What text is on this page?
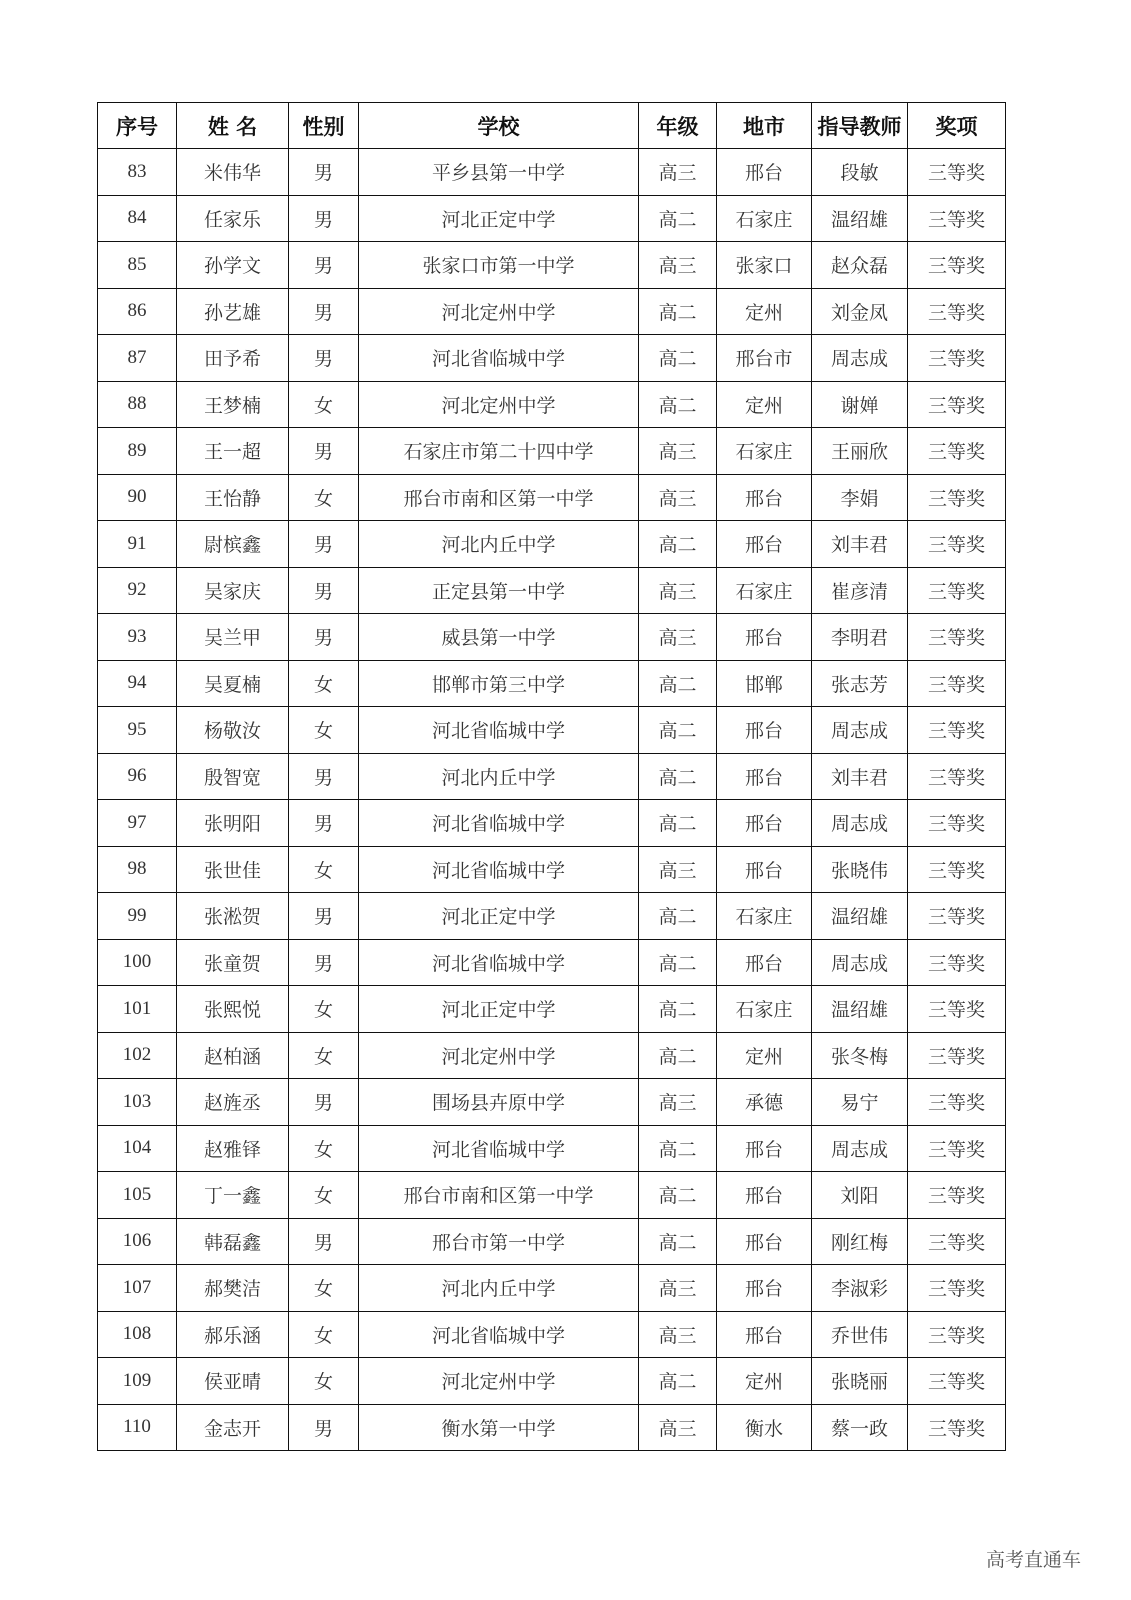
序号	姓 名	性别	学校	年级	地市	指导教师	奖项
83	米伟华	男	平乡县第一中学	高三	邢台	段敏	三等奖
84	任家乐	男	河北正定中学	高二	石家庄	温绍雄	三等奖
85	孙学文	男	张家口市第一中学	高三	张家口	赵众磊	三等奖
86	孙艺雄	男	河北定州中学	高二	定州	刘金凤	三等奖
87	田予希	男	河北省临城中学	高二	邢台市	周志成	三等奖
88	王梦楠	女	河北定州中学	高二	定州	谢婵	三等奖
89	王一超	男	石家庄市第二十四中学	高三	石家庄	王丽欣	三等奖
90	王怡静	女	邢台市南和区第一中学	高三	邢台	李娟	三等奖
91	尉槟鑫	男	河北内丘中学	高二	邢台	刘丰君	三等奖
92	吴家庆	男	正定县第一中学	高三	石家庄	崔彦清	三等奖
93	吴兰甲	男	威县第一中学	高三	邢台	李明君	三等奖
94	吴夏楠	女	邯郸市第三中学	高二	邯郸	张志芳	三等奖
95	杨敬汝	女	河北省临城中学	高二	邢台	周志成	三等奖
96	殷智宽	男	河北内丘中学	高二	邢台	刘丰君	三等奖
97	张明阳	男	河北省临城中学	高二	邢台	周志成	三等奖
98	张世佳	女	河北省临城中学	高三	邢台	张晓伟	三等奖
99	张淞贺	男	河北正定中学	高二	石家庄	温绍雄	三等奖
100	张童贺	男	河北省临城中学	高二	邢台	周志成	三等奖
101	张熙悦	女	河北正定中学	高二	石家庄	温绍雄	三等奖
102	赵柏涵	女	河北定州中学	高二	定州	张冬梅	三等奖
103	赵旌丞	男	围场县卉原中学	高三	承德	易宁	三等奖
104	赵雅铎	女	河北省临城中学	高二	邢台	周志成	三等奖
105	丁一鑫	女	邢台市南和区第一中学	高二	邢台	刘阳	三等奖
106	韩磊鑫	男	邢台市第一中学	高二	邢台	刚红梅	三等奖
107	郝樊洁	女	河北内丘中学	高三	邢台	李淑彩	三等奖
108	郝乐涵	女	河北省临城中学	高三	邢台	乔世伟	三等奖
109	侯亚晴	女	河北定州中学	高二	定州	张晓丽	三等奖
110	金志开	男	衡水第一中学	高三	衡水	蔡一政	三等奖
高考直通车
